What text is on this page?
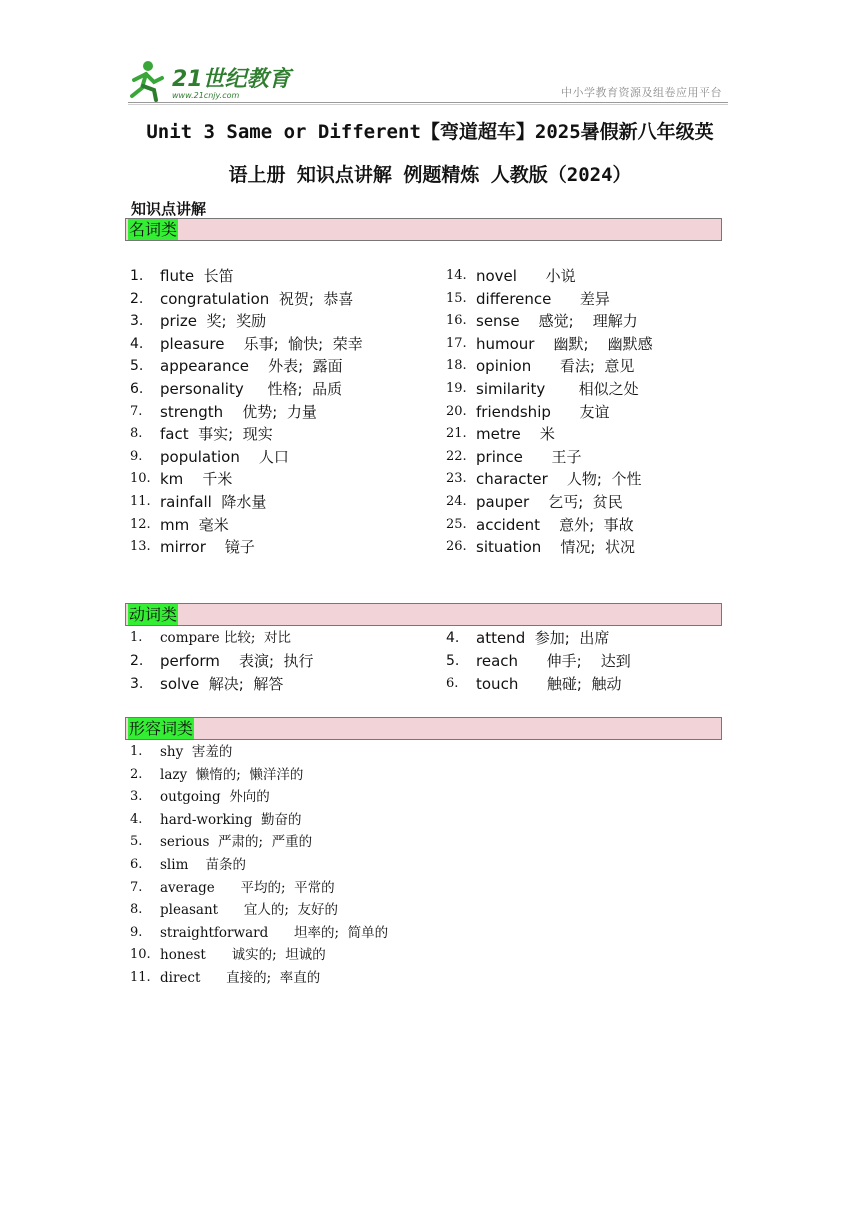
21世纪教育
www.21cnjy.com	中小学教育资源及组卷应用平台
Unit 3 Same or Different【弯道超车】2025暑假新八年级英
语上册 知识点讲解 例题精炼 人教版（2024）
知识点讲解
名词类
1. flute  长笛
2. congratulation  祝贺;  恭喜
3. prize  奖;  奖励
4. pleasure    乐事;  愉快;  荣幸
5. appearance    外表;  露面
6. personality     性格;  品质
7. strength    优势;  力量
8. fact  事实;  现实
9. population    人口
10. km    千米
11. rainfall  降水量
12. mm  毫米
13. mirror    镜子
14. novel      小说
15. difference      差异
16. sense    感觉;    理解力
17. humour    幽默;    幽默感
18. opinion      看法;  意见
19. similarity       相似之处
20. friendship      友谊
21. metre    米
22. prince      王子
23. character    人物;  个性
24. pauper    乞丐;  贫民
25. accident    意外;  事故
26. situation    情况;  状况
动词类
1. compare 比较;  对比
2. perform    表演;  执行
3. solve  解决;  解答
4. attend  参加;  出席
5. reach      伸手;    达到
6. touch      触碰;  触动
形容词类
1. shy  害羞的
2. lazy  懒惰的;  懒洋洋的
3. outgoing  外向的
4. hard-working  勤奋的
5. serious  严肃的;  严重的
6. slim    苗条的
7. average      平均的;  平常的
8. pleasant      宜人的;  友好的
9. straightforward      坦率的;  简单的
10. honest      诚实的;  坦诚的
11. direct      直接的;  率直的
